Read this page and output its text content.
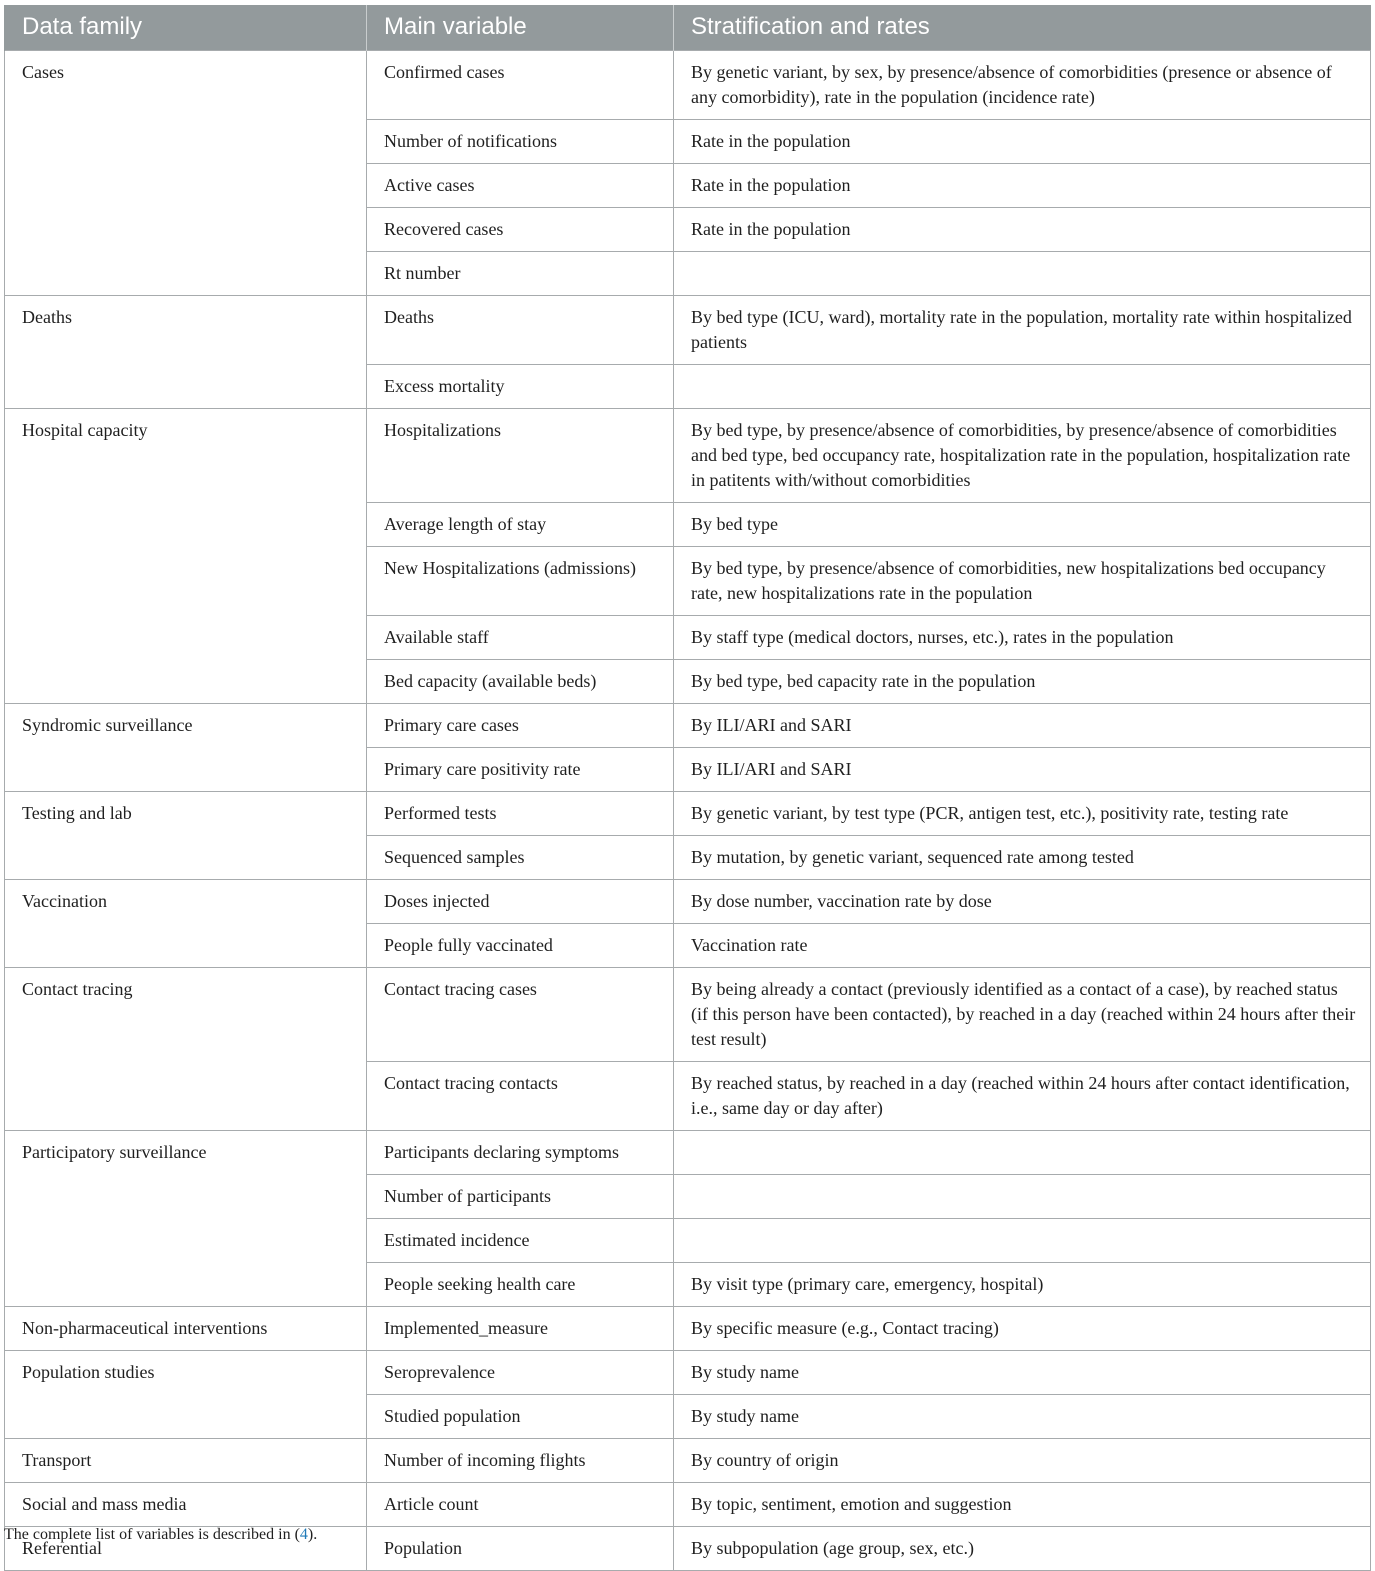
Data family	Main variable	Stratification and rates
Cases	Confirmed cases	By genetic variant, by sex, by presence/absence of comorbidities (presence or absence of any comorbidity), rate in the population (incidence rate)
	Number of notifications	Rate in the population
	Active cases	Rate in the population
	Recovered cases	Rate in the population
	Rt number	
Deaths	Deaths	By bed type (ICU, ward), mortality rate in the population, mortality rate within hospitalized patients
	Excess mortality	
Hospital capacity	Hospitalizations	By bed type, by presence/absence of comorbidities, by presence/absence of comorbidities and bed type, bed occupancy rate, hospitalization rate in the population, hospitalization rate in patitents with/without comorbidities
	Average length of stay	By bed type
	New Hospitalizations (admissions)	By bed type, by presence/absence of comorbidities, new hospitalizations bed occupancy rate, new hospitalizations rate in the population
	Available staff	By staff type (medical doctors, nurses, etc.), rates in the population
	Bed capacity (available beds)	By bed type, bed capacity rate in the population
Syndromic surveillance	Primary care cases	By ILI/ARI and SARI
	Primary care positivity rate	By ILI/ARI and SARI
Testing and lab	Performed tests	By genetic variant, by test type (PCR, antigen test, etc.), positivity rate, testing rate
	Sequenced samples	By mutation, by genetic variant, sequenced rate among tested
Vaccination	Doses injected	By dose number, vaccination rate by dose
	People fully vaccinated	Vaccination rate
Contact tracing	Contact tracing cases	By being already a contact (previously identified as a contact of a case), by reached status (if this person have been contacted), by reached in a day (reached within 24 hours after their test result)
	Contact tracing contacts	By reached status, by reached in a day (reached within 24 hours after contact identification, i.e., same day or day after)
Participatory surveillance	Participants declaring symptoms	
	Number of participants	
	Estimated incidence	
	People seeking health care	By visit type (primary care, emergency, hospital)
Non-pharmaceutical interventions	Implemented_measure	By specific measure (e.g., Contact tracing)
Population studies	Seroprevalence	By study name
	Studied population	By study name
Transport	Number of incoming flights	By country of origin
Social and mass media	Article count	By topic, sentiment, emotion and suggestion
Referential	Population	By subpopulation (age group, sex, etc.)

The complete list of variables is described in (4).
